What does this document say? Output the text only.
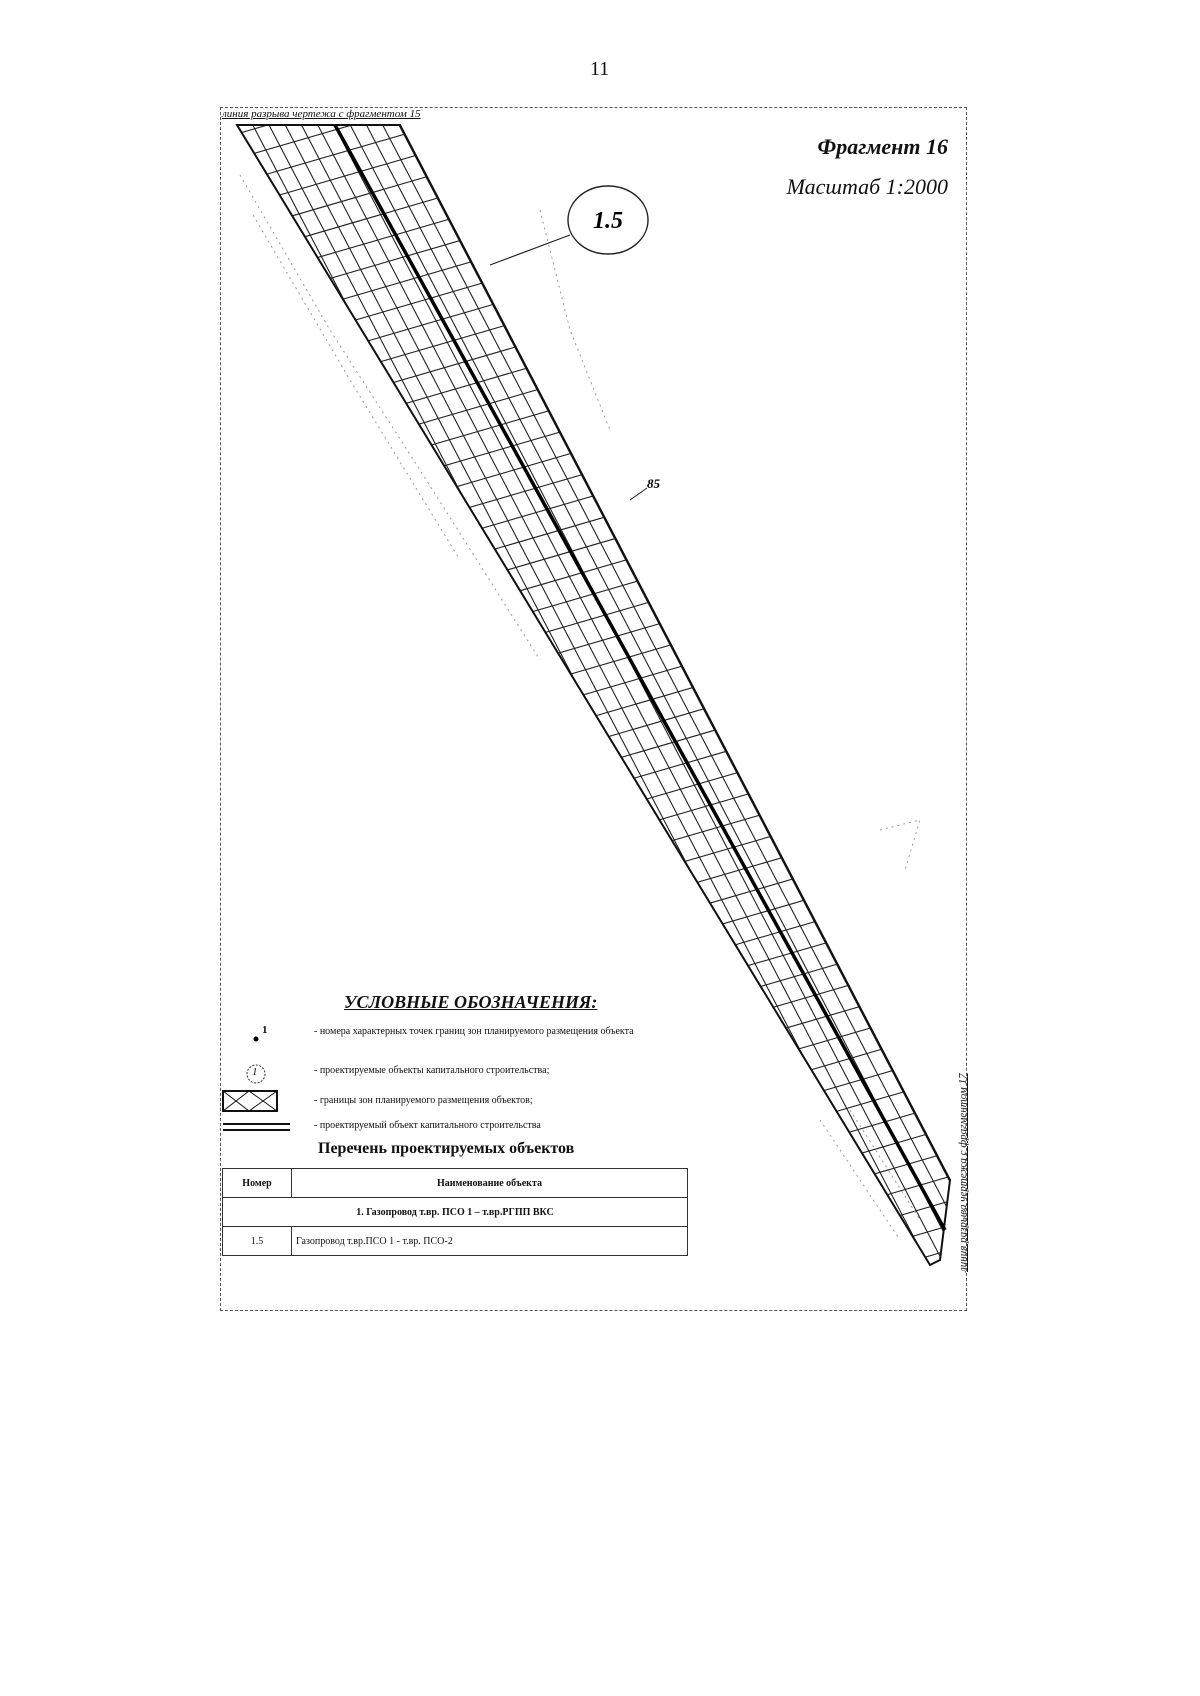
11
1.5
85
линия разрыва чертежа с фрагментом 15
линия разрыва чертежа с фрагментом 17
Фрагмент 16
Масштаб 1:2000
УСЛОВНЫЕ ОБОЗНАЧЕНИЯ:
1	- номера характерных точек границ зон планируемого размещения объекта
1	- проектируемые объекты капитального строительства;
- границы зон планируемого размещения объектов;
- проектируемый объект капитального строительства
Перечень проектируемых объектов
Номер	Наименование объекта
1. Газопровод т.вр. ПСО 1 – т.вр.РГПП ВКС	
1.5	Газопровод т.вр.ПСО 1 - т.вр. ПСО-2
